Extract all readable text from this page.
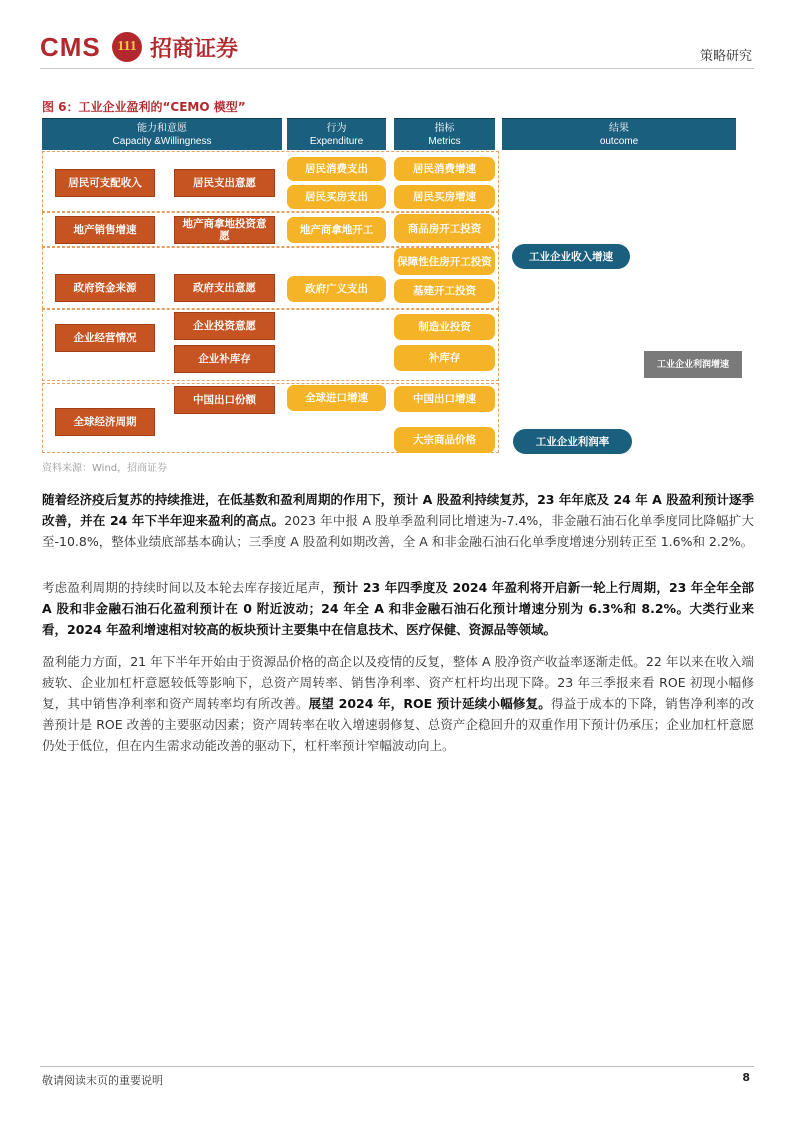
CMS	111 招商证券	策略研究
图 6：工业企业盈利的“CEMO 模型”
能力和意愿
Capacity &Willingness
行为
Expenditure
指标
Metrics
结果
outcome
居民可支配收入
地产销售增速
政府资金来源
企业经营情况
全球经济周期
居民支出意愿
地产商拿地投资意愿
政府支出意愿
企业投资意愿
企业补库存
中国出口份额
居民消费支出
居民买房支出
地产商拿地开工
政府广义支出
全球进口增速
居民消费增速
居民买房增速
商品房开工投资
保障性住房开工投资
基建开工投资
制造业投资
补库存
中国出口增速
大宗商品价格
工业企业收入增速
工业企业利润增速
工业企业利润率
资料来源：Wind，招商证券
随着经济疫后复苏的持续推进，在低基数和盈利周期的作用下，预计 A 股盈利持续复苏，23 年年底及 24 年 A 股盈利预计逐季改善，并在 24 年下半年迎来盈利的高点。2023 年中报 A 股单季盈利同比增速为-7.4%，非金融石油石化单季度同比降幅扩大至-10.8%，整体业绩底部基本确认；三季度 A 股盈利如期改善，全 A 和非金融石油石化单季度增速分别转正至 1.6%和 2.2%。
考虑盈利周期的持续时间以及本轮去库存接近尾声，预计 23 年四季度及 2024 年盈利将开启新一轮上行周期，23 年全年全部 A 股和非金融石油石化盈利预计在 0 附近波动；24 年全 A 和非金融石油石化预计增速分别为 6.3%和 8.2%。大类行业来看，2024 年盈利增速相对较高的板块预计主要集中在信息技术、医疗保健、资源品等领域。
盈利能力方面，21 年下半年开始由于资源品价格的高企以及疫情的反复，整体 A 股净资产收益率逐渐走低。22 年以来在收入端疲软、企业加杠杆意愿较低等影响下，总资产周转率、销售净利率、资产杠杆均出现下降。23 年三季报来看 ROE 初现小幅修复，其中销售净利率和资产周转率均有所改善。展望 2024 年，ROE 预计延续小幅修复。得益于成本的下降，销售净利率的改善预计是 ROE 改善的主要驱动因素；资产周转率在收入增速弱修复、总资产企稳回升的双重作用下预计仍承压；企业加杠杆意愿仍处于低位，但在内生需求动能改善的驱动下，杠杆率预计窄幅波动向上。
敬请阅读末页的重要说明	8
